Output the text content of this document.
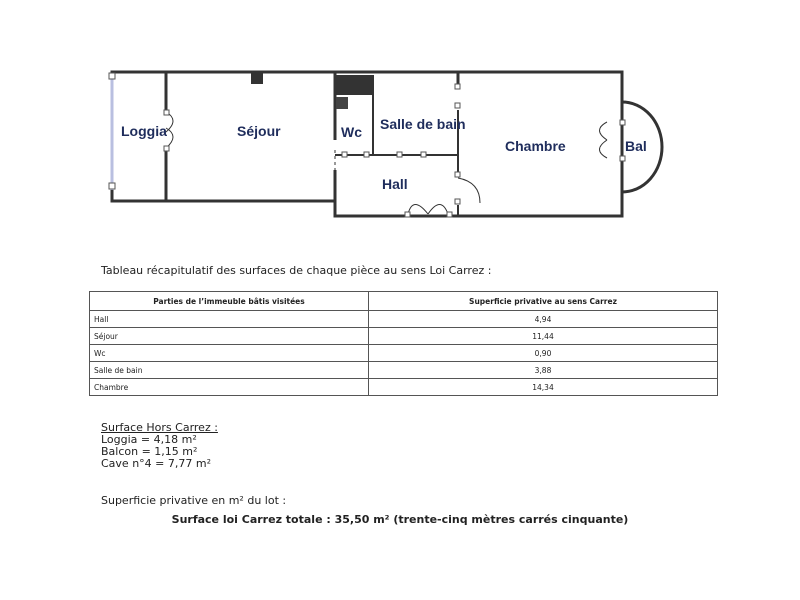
Loggia	Séjour	Wc Salle de bain
Chambre	Bal
Hall
Tableau récapitulatif des surfaces de chaque pièce au sens Loi Carrez :
Parties de l’immeuble bâtis visitées	Superficie privative au sens Carrez
Hall	4,94
Séjour	11,44
Wc	0,90
Salle de bain	3,88
Chambre	14,34
Surface Hors Carrez :
Loggia = 4,18 m²
Balcon = 1,15 m²
Cave n°4 = 7,77 m²
Superficie privative en m² du lot :
Surface loi Carrez totale : 35,50 m² (trente-cinq mètres carrés cinquante)
